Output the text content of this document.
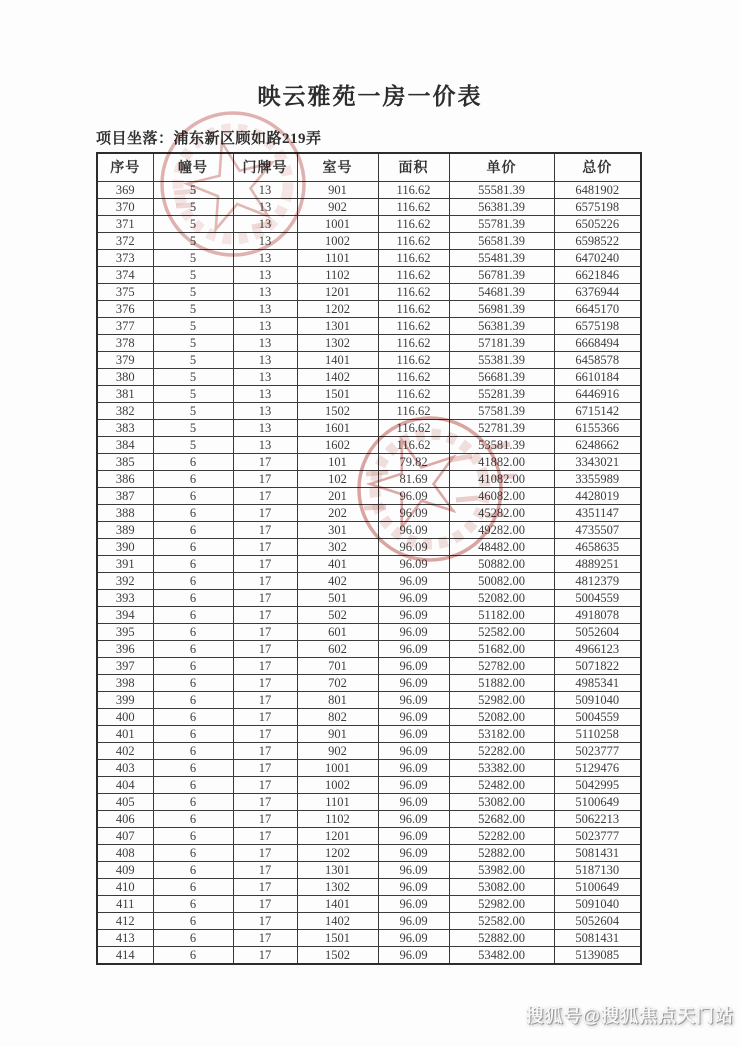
映云雅苑一房一价表
项目坐落：浦东新区顾如路219弄
序号	幢号	门牌号	室号	面积	单价	总价
369	5	13	901	116.62	55581.39	6481902
370	5	13	902	116.62	56381.39	6575198
371	5	13	1001	116.62	55781.39	6505226
372	5	13	1002	116.62	56581.39	6598522
373	5	13	1101	116.62	55481.39	6470240
374	5	13	1102	116.62	56781.39	6621846
375	5	13	1201	116.62	54681.39	6376944
376	5	13	1202	116.62	56981.39	6645170
377	5	13	1301	116.62	56381.39	6575198
378	5	13	1302	116.62	57181.39	6668494
379	5	13	1401	116.62	55381.39	6458578
380	5	13	1402	116.62	56681.39	6610184
381	5	13	1501	116.62	55281.39	6446916
382	5	13	1502	116.62	57581.39	6715142
383	5	13	1601	116.62	52781.39	6155366
384	5	13	1602	116.62	53581.39	6248662
385	6	17	101	79.82	41882.00	3343021
386	6	17	102	81.69	41082.00	3355989
387	6	17	201	96.09	46082.00	4428019
388	6	17	202	96.09	45282.00	4351147
389	6	17	301	96.09	49282.00	4735507
390	6	17	302	96.09	48482.00	4658635
391	6	17	401	96.09	50882.00	4889251
392	6	17	402	96.09	50082.00	4812379
393	6	17	501	96.09	52082.00	5004559
394	6	17	502	96.09	51182.00	4918078
395	6	17	601	96.09	52582.00	5052604
396	6	17	602	96.09	51682.00	4966123
397	6	17	701	96.09	52782.00	5071822
398	6	17	702	96.09	51882.00	4985341
399	6	17	801	96.09	52982.00	5091040
400	6	17	802	96.09	52082.00	5004559
401	6	17	901	96.09	53182.00	5110258
402	6	17	902	96.09	52282.00	5023777
403	6	17	1001	96.09	53382.00	5129476
404	6	17	1002	96.09	52482.00	5042995
405	6	17	1101	96.09	53082.00	5100649
406	6	17	1102	96.09	52682.00	5062213
407	6	17	1201	96.09	52282.00	5023777
408	6	17	1202	96.09	52882.00	5081431
409	6	17	1301	96.09	53982.00	5187130
410	6	17	1302	96.09	53082.00	5100649
411	6	17	1401	96.09	52982.00	5091040
412	6	17	1402	96.09	52582.00	5052604
413	6	17	1501	96.09	52882.00	5081431
414	6	17	1502	96.09	53482.00	5139085
搜狐号@搜狐焦点天门站
